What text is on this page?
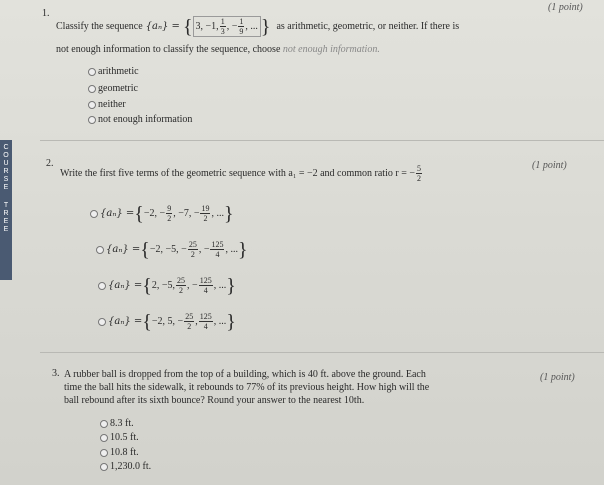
C
O
U
R
S
E
T
R
E
E
1.
(1 point)
Classify the sequence {aₙ} = { 3, −1, $\frac{1}{3}$ , − $\frac{1}{9}$ , ... } as arithmetic, geometric, or neither. If there is
not enough information to classify the sequence, choose not enough information.
arithmetic
geometric
neither
not enough information
2.	(1 point)
Write the first five terms of the geometric sequence with a₁ = −2 and common ratio r = − $\frac{5}{2}$
{aₙ} = { −2, − $\frac{9}{2}$ , −7, − $\frac{19}{2}$ , ... }
{aₙ} = { −2, −5, − $\frac{25}{2}$ , − $\frac{125}{4}$ , ... }
{aₙ} = { 2, −5, $\frac{25}{2}$ , − $\frac{125}{4}$ , ... }
{aₙ} = { −2, 5, − $\frac{25}{2}$ , $\frac{125}{4}$ , ... }
3.	(1 point)
A rubber ball is dropped from the top of a building, which is 40 ft. above the ground. Each
time the ball hits the sidewalk, it rebounds to 77% of its previous height. How high will the
ball rebound after its sixth bounce? Round your answer to the nearest 10th.
8.3 ft.
10.5 ft.
10.8 ft.
1,230.0 ft.
